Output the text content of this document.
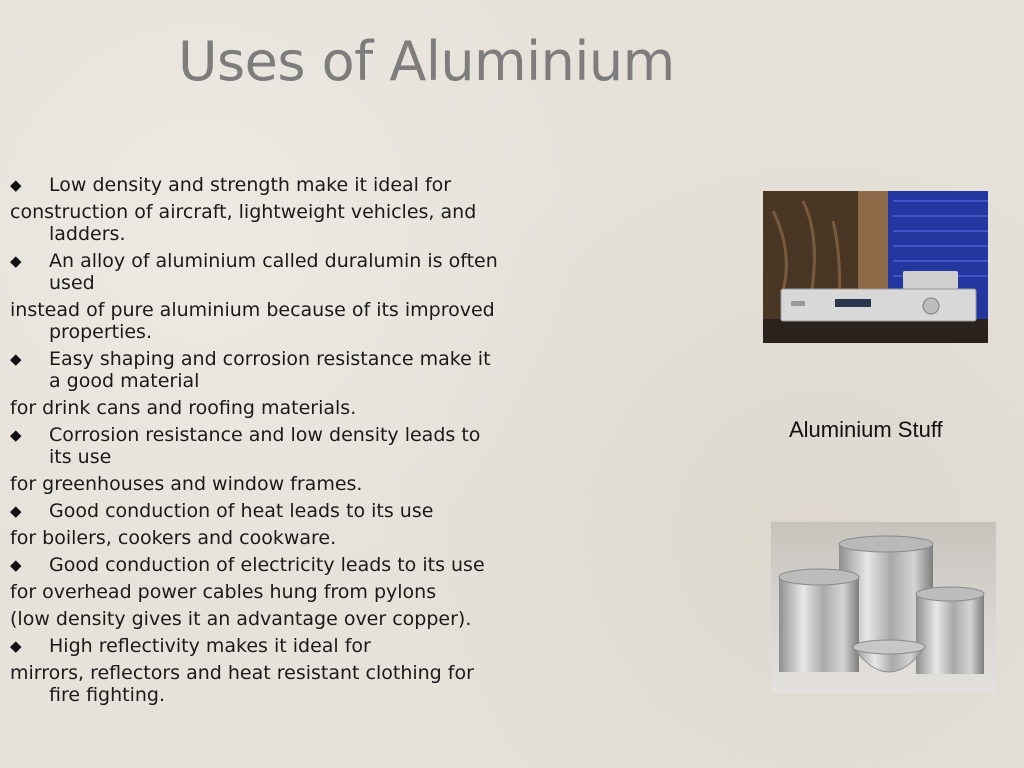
Uses of Aluminium
◆ Low density and strength make it ideal for
construction of aircraft, lightweight vehicles, and
ladders.
◆ An alloy of aluminium called duralumin is often
used
instead of pure aluminium because of its improved
properties.
◆ Easy shaping and corrosion resistance make it
a good material
for drink cans and roofing materials.
◆ Corrosion resistance and low density leads to
its use
for greenhouses and window frames.
◆ Good conduction of heat leads to its use
for boilers, cookers and cookware.
◆ Good conduction of electricity leads to its use
for overhead power cables hung from pylons
(low density gives it an advantage over copper).
◆ High reflectivity makes it ideal for
mirrors, reflectors and heat resistant clothing for
fire fighting.
Aluminium Stuff
